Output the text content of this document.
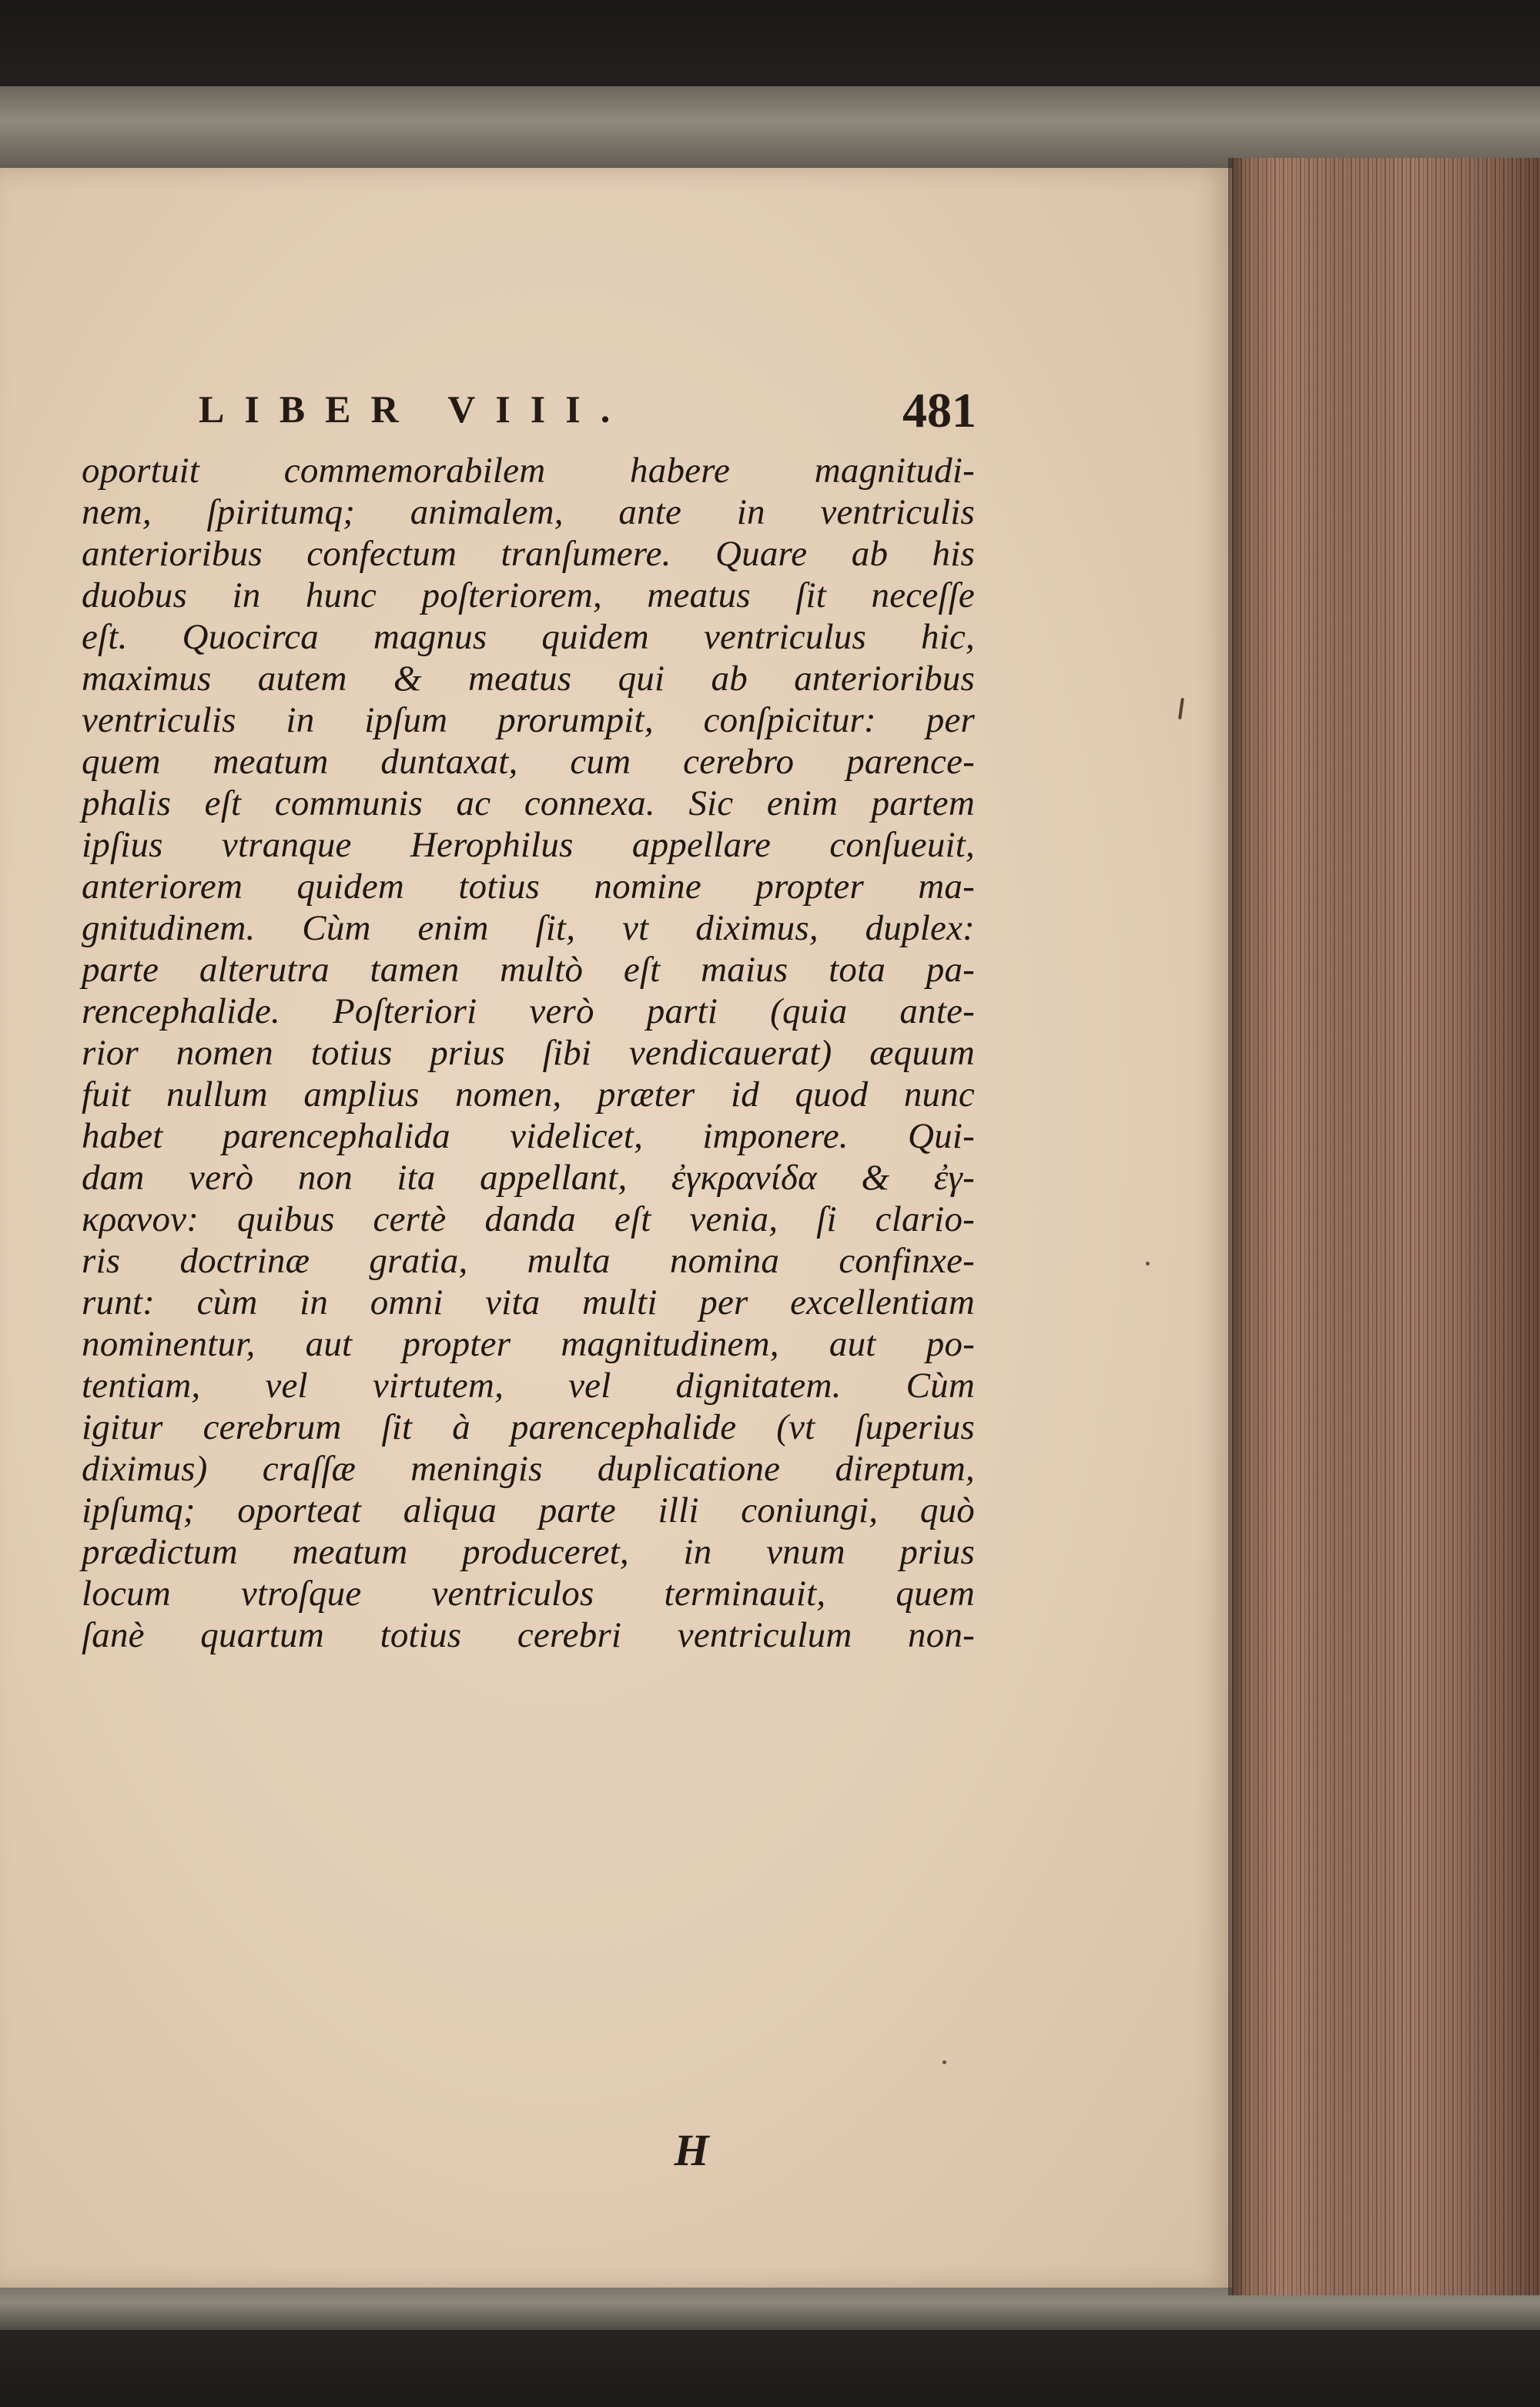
LIBER VIII.	481
oportuit commemorabilem habere magnitudi-
nem, ſpiritumq; animalem, ante in ventriculis
anterioribus confectum tranſumere. Quare ab his
duobus in hunc poſteriorem, meatus ſit neceſſe
eſt. Quocirca magnus quidem ventriculus hic,
maximus autem & meatus qui ab anterioribus
ventriculis in ipſum prorumpit, conſpicitur: per
quem meatum duntaxat, cum cerebro parence-
phalis eſt communis ac connexa. Sic enim partem
ipſius vtranque Herophilus appellare conſueuit,
anteriorem quidem totius nomine propter ma-
gnitudinem. Cùm enim ſit, vt diximus, duplex:
parte alterutra tamen multò eſt maius tota pa-
rencephalide. Poſteriori verò parti (quia ante-
rior nomen totius prius ſibi vendicauerat) æquum
fuit nullum amplius nomen, præter id quod nunc
habet parencephalida videlicet, imponere. Qui-
dam verò non ita appellant, ἐγκρανίδα & ἐγ-
κρανον: quibus certè danda eſt venia, ſi clario-
ris doctrinæ gratia, multa nomina confinxe-
runt: cùm in omni vita multi per excellentiam
nominentur, aut propter magnitudinem, aut po-
tentiam, vel virtutem, vel dignitatem. Cùm
igitur cerebrum ſit à parencephalide (vt ſuperius
diximus) craſſæ meningis duplicatione direptum,
ipſumq; oporteat aliqua parte illi coniungi, quò
prædictum meatum produceret, in vnum prius
locum vtroſque ventriculos terminauit, quem
ſanè quartum totius cerebri ventriculum non-
H
